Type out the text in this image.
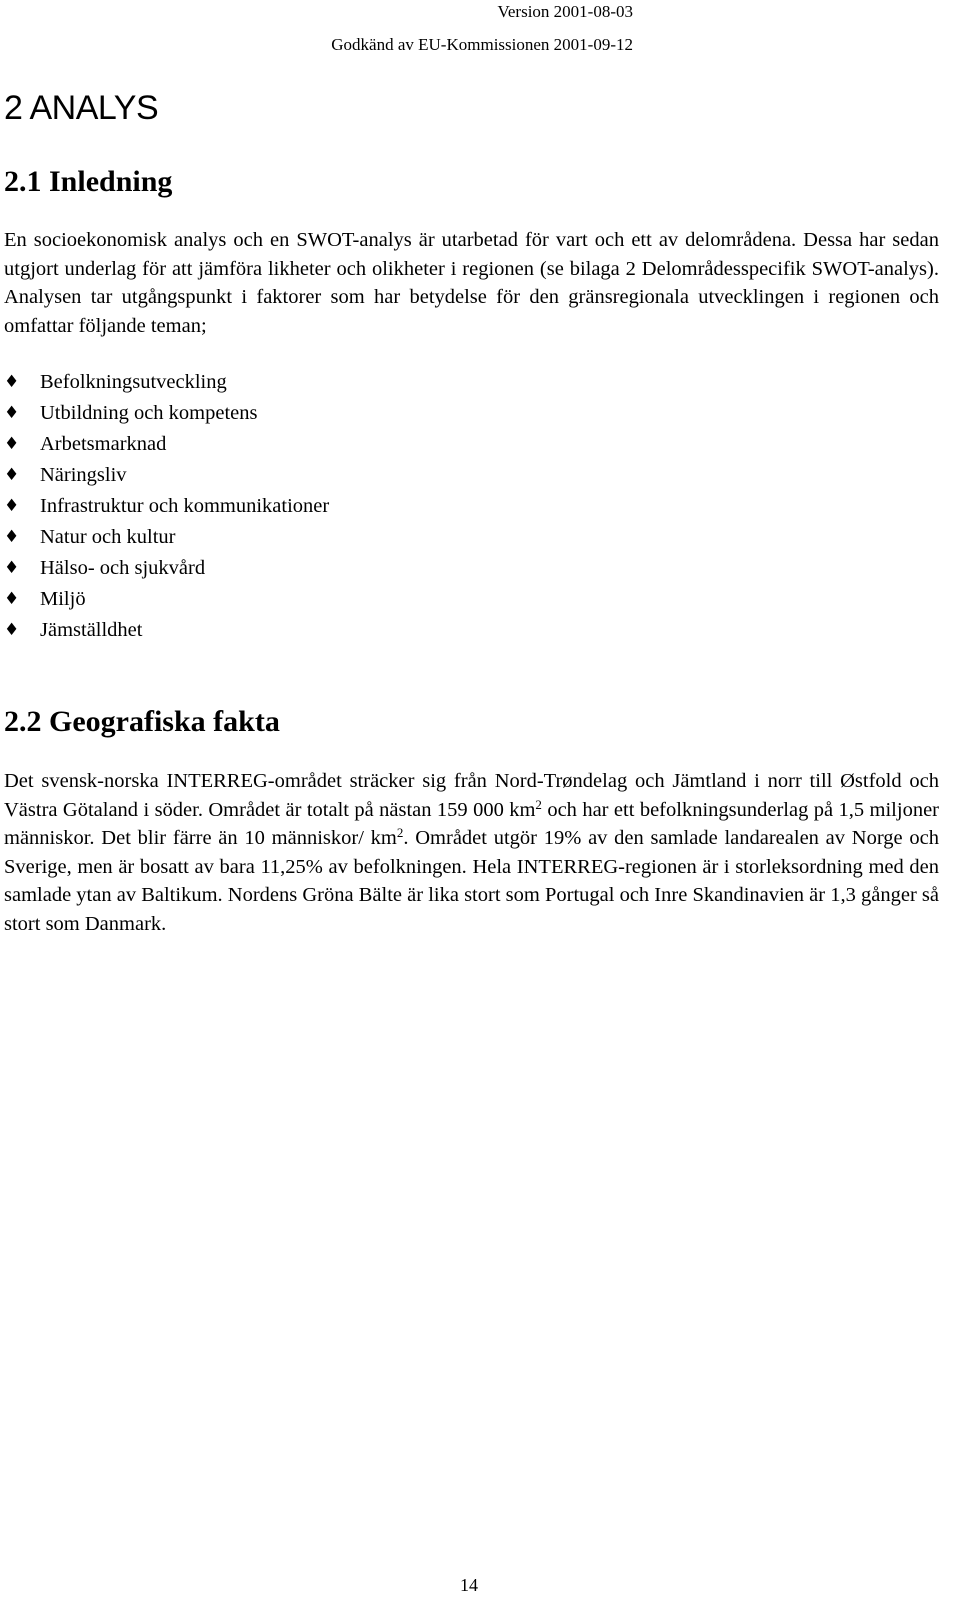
Version 2001-08-03
Godkänd av EU-Kommissionen 2001-09-12
2 ANALYS
2.1 Inledning

En socioekonomisk analys och en SWOT-analys är utarbetad för vart och ett av delområdena. Dessa har sedan utgjort underlag för att jämföra likheter och olikheter i regionen (se bilaga 2 Delområdesspecifik SWOT-analys). Analysen tar utgångspunkt i faktorer som har betydelse för den gränsregionala utvecklingen i regionen och omfattar följande teman;

♦	Befolkningsutveckling
♦	Utbildning och kompetens
♦	Arbetsmarknad
♦	Näringsliv
♦	Infrastruktur och kommunikationer
♦	Natur och kultur
♦	Hälso- och sjukvård
♦	Miljö
♦	Jämställdhet
2.2 Geografiska fakta

Det svensk-norska INTERREG-området sträcker sig från Nord-Trøndelag och Jämtland i norr till Østfold och Västra Götaland i söder. Området är totalt på nästan 159 000 $km^2$ och har ett befolkningsunderlag på 1,5 miljoner människor. Det blir färre än 10 människor/ $km^2$. Området utgör 19% av den samlade landarealen av Norge och Sverige, men är bosatt av bara 11,25% av befolkningen. Hela INTERREG-regionen är i storleksordning med den samlade ytan av Baltikum. Nordens Gröna Bälte är lika stort som Portugal och Inre Skandinavien är 1,3 gånger så stort som Danmark.

14
